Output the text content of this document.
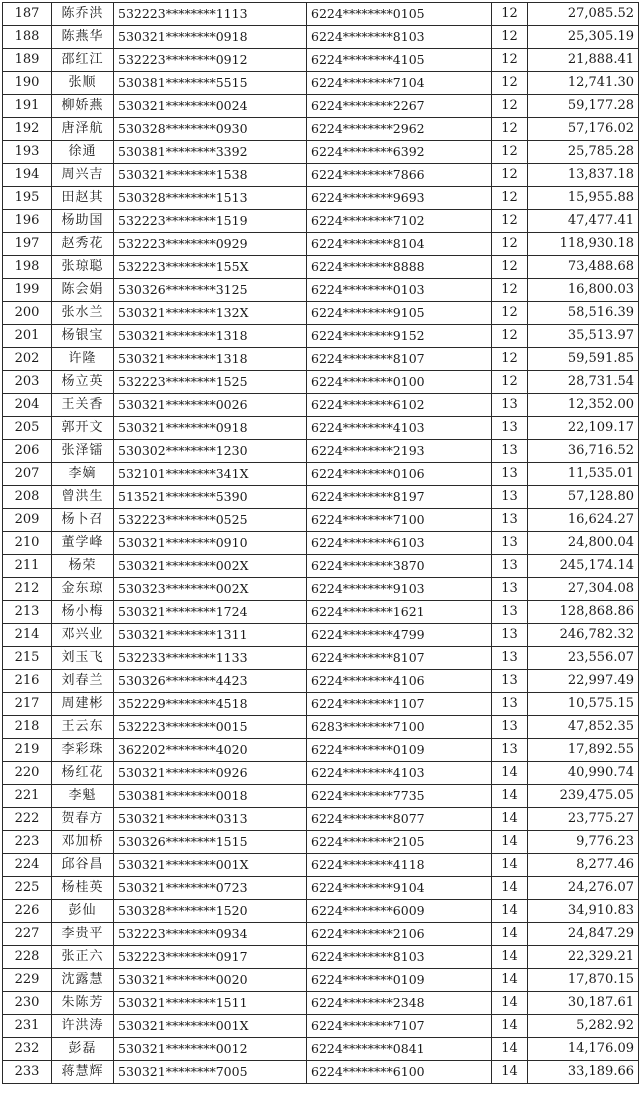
187	陈乔洪	532223********1113	6224********0105	12	27,085.52
188	陈燕华	530321********0918	6224********8103	12	25,305.19
189	邵红江	532223********0912	6224********4105	12	21,888.41
190	张顺	530381********5515	6224********7104	12	12,741.30
191	柳娇燕	530321********0024	6224********2267	12	59,177.28
192	唐泽航	530328********0930	6224********2962	12	57,176.02
193	徐通	530381********3392	6224********6392	12	25,785.28
194	周兴吉	530321********1538	6224********7866	12	13,837.18
195	田赵其	530328********1513	6224********9693	12	15,955.88
196	杨助国	532223********1519	6224********7102	12	47,477.41
197	赵秀花	532223********0929	6224********8104	12	118,930.18
198	张琼聪	532223********155X	6224********8888	12	73,488.68
199	陈会娟	530326********3125	6224********0103	12	16,800.03
200	张水兰	530321********132X	6224********9105	12	58,516.39
201	杨银宝	530321********1318	6224********9152	12	35,513.97
202	许隆	530321********1318	6224********8107	12	59,591.85
203	杨立英	532223********1525	6224********0100	12	28,731.54
204	王关香	530321********0026	6224********6102	13	12,352.00
205	郭开文	530321********0918	6224********4103	13	22,109.17
206	张泽镭	530302********1230	6224********2193	13	36,716.52
207	李嫡	532101********341X	6224********0106	13	11,535.01
208	曾洪生	513521********5390	6224********8197	13	57,128.80
209	杨卜召	532223********0525	6224********7100	13	16,624.27
210	董学峰	530321********0910	6224********6103	13	24,800.04
211	杨荣	530321********002X	6224********3870	13	245,174.14
212	金东琼	530323********002X	6224********9103	13	27,304.08
213	杨小梅	530321********1724	6224********1621	13	128,868.86
214	邓兴业	530321********1311	6224********4799	13	246,782.32
215	刘玉飞	532233********1133	6224********8107	13	23,556.07
216	刘春兰	530326********4423	6224********4106	13	22,997.49
217	周建彬	352229********4518	6224********1107	13	10,575.15
218	王云东	532223********0015	6283********7100	13	47,852.35
219	李彩珠	362202********4020	6224********0109	13	17,892.55
220	杨红花	530321********0926	6224********4103	14	40,990.74
221	李魁	530381********0018	6224********7735	14	239,475.05
222	贺春方	530321********0313	6224********8077	14	23,775.27
223	邓加桥	530326********1515	6224********2105	14	9,776.23
224	邱谷昌	530321********001X	6224********4118	14	8,277.46
225	杨桂英	530321********0723	6224********9104	14	24,276.07
226	彭仙	530328********1520	6224********6009	14	34,910.83
227	李贵平	532223********0934	6224********2106	14	24,847.29
228	张正六	532223********0917	6224********8103	14	22,329.21
229	沈露慧	530321********0020	6224********0109	14	17,870.15
230	朱陈芳	530321********1511	6224********2348	14	30,187.61
231	许洪涛	530321********001X	6224********7107	14	5,282.92
232	彭磊	530321********0012	6224********0841	14	14,176.09
233	蒋慧辉	530321********7005	6224********6100	14	33,189.66
